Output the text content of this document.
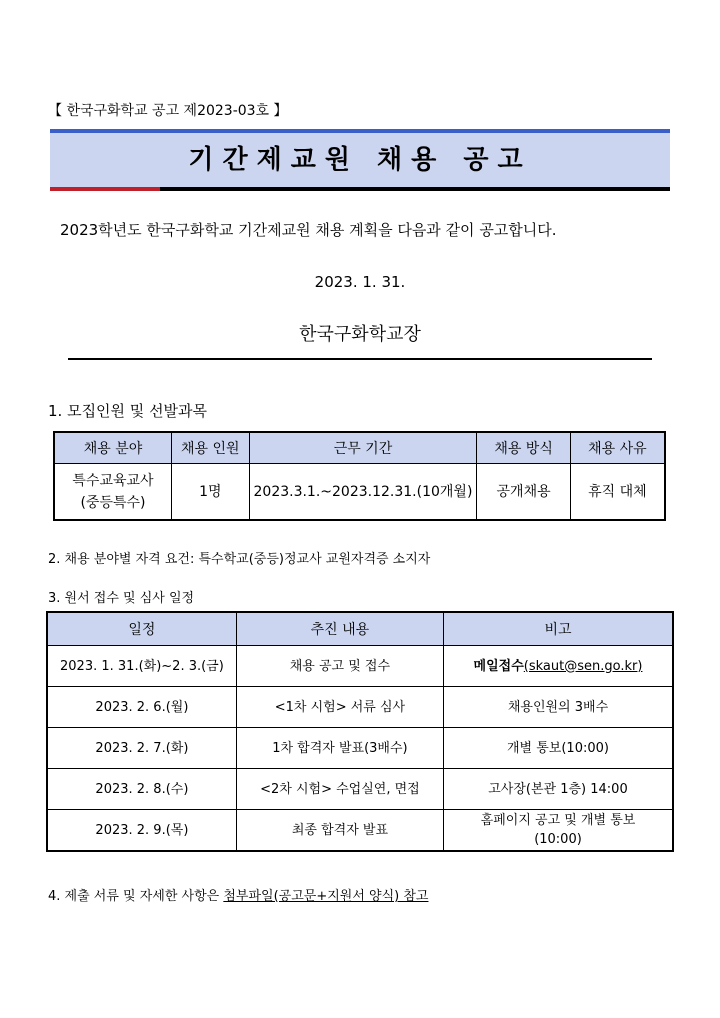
【 한국구화학교 공고 제2023-03호 】
기간제교원 채용 공고
2023학년도 한국구화학교 기간제교원 채용 계획을 다음과 같이 공고합니다.
2023. 1. 31.
한국구화학교장
1. 모집인원 및 선발과목
채용 분야	채용 인원	근무 기간	채용 방식	채용 사유

특수교육교사
(중등특수)	1명	2023.3.1.~2023.12.31.(10개월)	공개채용	휴직 대체
2. 채용 분야별 자격 요건: 특수학교(중등)정교사 교원자격증 소지자
3. 원서 접수 및 심사 일정
일정	추진 내용	비고
2023. 1. 31.(화)~2. 3.(금)	채용 공고 및 접수	메일접수(skaut@sen.go.kr)
2023. 2. 6.(월)	<1차 시험> 서류 심사	채용인원의 3배수
2023. 2. 7.(화)	1차 합격자 발표(3배수)	개별 통보(10:00)
2023. 2. 8.(수)	<2차 시험> 수업실연, 면접	고사장(본관 1층) 14:00
2023. 2. 9.(목)	최종 합격자 발표	홈페이지 공고 및 개별 통보
(10:00)
4. 제출 서류 및 자세한 사항은 첨부파일(공고문+지원서 양식) 참고
